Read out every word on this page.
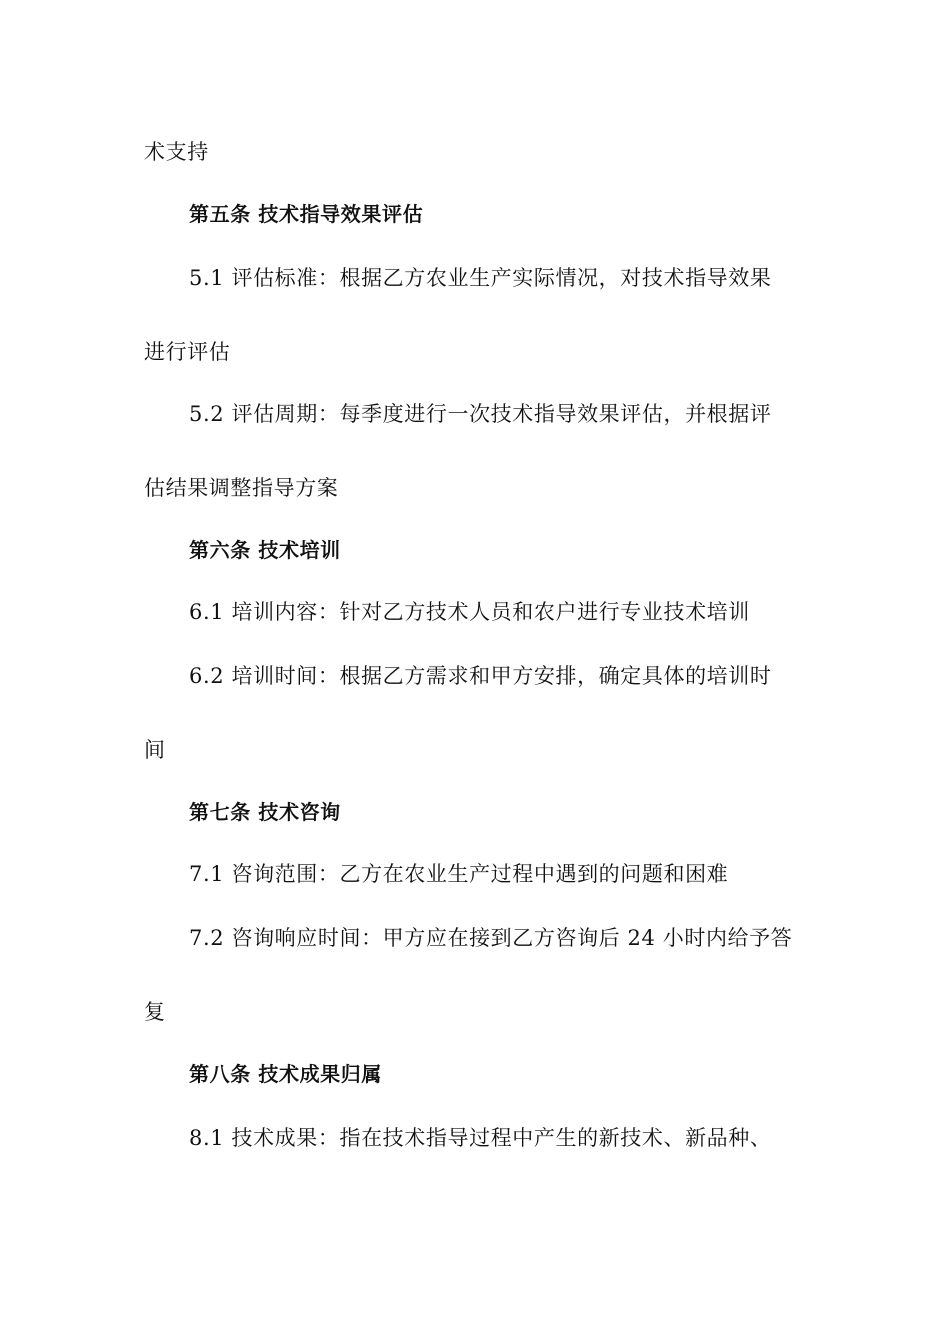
术支持
第五条 技术指导效果评估
5.1 评估标准：根据乙方农业生产实际情况，对技术指导效果
进行评估
5.2 评估周期：每季度进行一次技术指导效果评估，并根据评
估结果调整指导方案
第六条 技术培训
6.1 培训内容：针对乙方技术人员和农户进行专业技术培训
6.2 培训时间：根据乙方需求和甲方安排，确定具体的培训时
间
第七条 技术咨询
7.1 咨询范围：乙方在农业生产过程中遇到的问题和困难
7.2 咨询响应时间：甲方应在接到乙方咨询后 24 小时内给予答
复
第八条 技术成果归属
8.1 技术成果：指在技术指导过程中产生的新技术、新品种、
